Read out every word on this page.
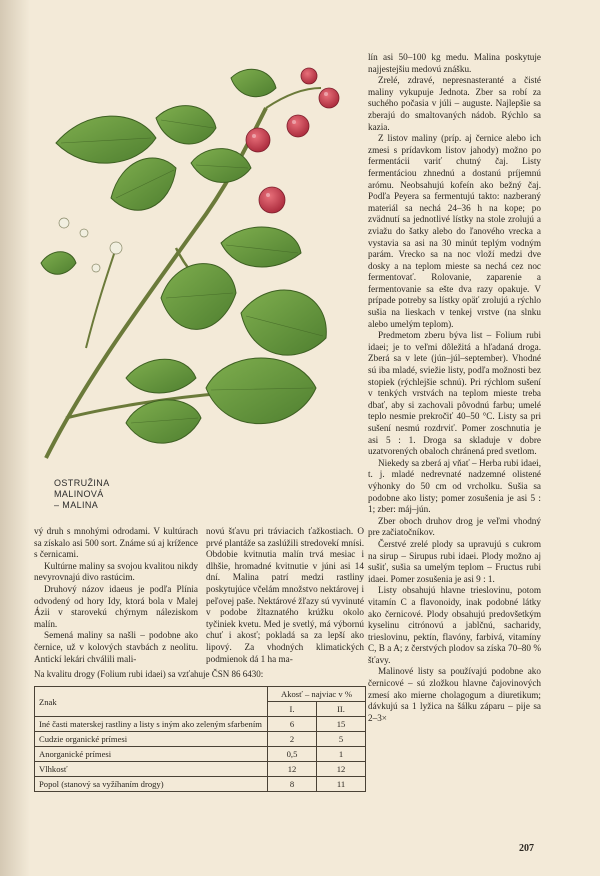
OSTRUŽINA
MALINOVÁ
– MALINA

lín asi 50–100 kg medu. Malina poskytuje najjestejšiu medovú znášku.

Zrelé, zdravé, nepresnasteranté a čisté maliny vykupuje Jednota. Zber sa robí za suchého počasia v júli – auguste. Najlepšie sa zberajú do smaltovaných nádob. Rýchlo sa kazia.

Z listov maliny (príp. aj černice alebo ich zmesi s prídavkom listov jahody) možno po fermentácii variť chutný čaj. Listy fermentáciou zhnednú a dostanú príjemnú arómu. Neobsahujú kofeín ako bežný čaj. Podľa Peyera sa fermentujú takto: nazberaný materiál sa nechá 24–36 h na kope; po zvädnutí sa jednotlivé lístky na stole zrolujú a zviažu do šatky alebo do ľanového vrecka a vystavia sa asi na 30 minút teplým vodným parám. Vrecko sa na noc vloží medzi dve dosky a na teplom mieste sa nechá cez noc fermentovať. Rolovanie, zaparenie a fermentovanie sa ešte dva razy opakuje. V prípade potreby sa lístky opäť zrolujú a rýchlo sušia na lieskach v tenkej vrstve (na slnku alebo umelým teplom).

Predmetom zberu býva list – Folium rubi idaei; je to veľmi dôležitá a hľadaná droga. Zberá sa v lete (jún–júl–september). Vhodné sú iba mladé, sviežie listy, podľa možnosti bez stopiek (rýchlejšie schnú). Pri rýchlom sušení v tenkých vrstvách na teplom mieste treba dbať, aby si zachovali pôvodnú farbu; umelé teplo nesmie prekročiť 40–50 °C. Listy sa pri sušení nesmú rozdrviť. Pomer zoschnutia je asi 5 : 1. Droga sa skladuje v dobre uzatvorených obaloch chránená pred svetlom.

Niekedy sa zberá aj vňať – Herba rubi idaei, t. j. mladé nedrevnaté nadzemné olistené výhonky do 50 cm od vrcholku. Sušia sa podobne ako listy; pomer zosušenia je asi 5 : 1; zber: máj–jún.

Zber oboch druhov drog je veľmi vhodný pre začiatočníkov.

Čerstvé zrelé plody sa upravujú s cukrom na sirup – Sirupus rubi idaei. Plody možno aj sušiť, sušia sa umelým teplom – Fructus rubi idaei. Pomer zosušenia je asi 9 : 1.

Listy obsahujú hlavne trieslovinu, potom vitamín C a flavonoidy, inak podobné látky ako černicové. Plody obsahujú predovšetkým kyselinu citrónovú a jablčnú, sacharidy, trieslovinu, pektín, flavóny, farbivá, vitamíny C, B a A; z čerstvých plodov sa získa 70–80 % šťavy.

Malinové listy sa používajú podobne ako černicové – sú zložkou hlavne čajovinových zmesí ako mierne cholagogum a diuretikum; dávkujú sa 1 lyžica na šálku záparu – pije sa 2–3×

vý druh s mnohými odrodami. V kultúrach sa získalo asi 500 sort. Známe sú aj krížence s černicami.

Kultúrne maliny sa svojou kvalitou nikdy nevyrovnajú divo rastúcim.

Druhový názov idaeus je podľa Plínia odvodený od hory Idy, ktorá bola v Malej Ázii v starovekú chýrnym náleziskom malín.

Semená maliny sa našli – podobne ako černice, už v kolových stavbách z neolitu. Antickí lekári chválili mali-

novú šťavu pri tráviacich ťažkostiach. O prvé plantáže sa zaslúžili stredovekí mnísi. Obdobie kvitnutia malín trvá mesiac i dlhšie, hromadné kvitnutie v júni asi 14 dní. Malina patrí medzi rastliny poskytujúce včelám množstvo nektárovej i peľovej paše. Nektárové žľazy sú vyvinuté v podobe žltaznatého krúžku okolo tyčiniek kvetu. Med je svetlý, má výbornú chuť i akosť; pokladá sa za lepší ako lipový. Za vhodných klimatických podmienok dá 1 ha ma-

Na kvalitu drogy (Folium rubi idaei) sa vzťahuje ČSN 86 6430:
Znak	Akosť – najviac v %	
	I.	II.
Iné časti materskej rastliny a listy s iným ako zeleným sfarbením	6	15
Cudzie organické prímesi	2	5
Anorganické prímesi	0,5	1
Vlhkosť	12	12
Popol (stanový sa vyžíhaním drogy)	8	11
207
